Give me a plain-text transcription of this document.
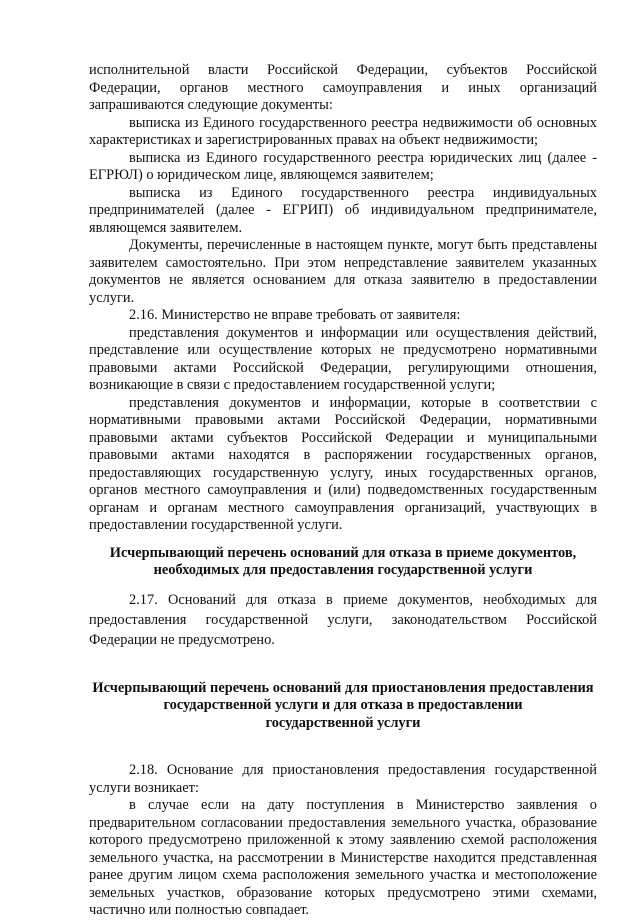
исполнительной власти Российской Федерации, субъектов Российской Федерации, органов местного самоуправления и иных организаций запрашиваются следующие документы:

выписка из Единого государственного реестра недвижимости об основных характеристиках и зарегистрированных правах на объект недвижимости;

выписка из Единого государственного реестра юридических лиц (далее - ЕГРЮЛ) о юридическом лице, являющемся заявителем;

выписка из Единого государственного реестра индивидуальных предпринимателей (далее - ЕГРИП) об индивидуальном предпринимателе, являющемся заявителем.

Документы, перечисленные в настоящем пункте, могут быть представлены заявителем самостоятельно. При этом непредставление заявителем указанных документов не является основанием для отказа заявителю в предоставлении услуги.

2.16. Министерство не вправе требовать от заявителя:

представления документов и информации или осуществления действий, представление или осуществление которых не предусмотрено нормативными правовыми актами Российской Федерации, регулирующими отношения, возникающие в связи с предоставлением государственной услуги;

представления документов и информации, которые в соответствии с нормативными правовыми актами Российской Федерации, нормативными правовыми актами субъектов Российской Федерации и муниципальными правовыми актами находятся в распоряжении государственных органов, предоставляющих государственную услугу, иных государственных органов, органов местного самоуправления и (или) подведомственных государственным органам и органам местного самоуправления организаций, участвующих в предоставлении государственной услуги.

Исчерпывающий перечень оснований для отказа в приеме документов,
необходимых для предоставления государственной услуги

2.17. Оснований для отказа в приеме документов, необходимых для предоставления государственной услуги, законодательством Российской Федерации не предусмотрено.

Исчерпывающий перечень оснований для приостановления предоставления
государственной услуги и для отказа в предоставлении
государственной услуги

2.18. Основание для приостановления предоставления государственной услуги возникает:

в случае если на дату поступления в Министерство заявления о предварительном согласовании предоставления земельного участка, образование которого предусмотрено приложенной к этому заявлению схемой расположения земельного участка, на рассмотрении в Министерстве находится представленная ранее другим лицом схема расположения земельного участка и местоположение земельных участков, образование которых предусмотрено этими схемами, частично или полностью совпадает.
